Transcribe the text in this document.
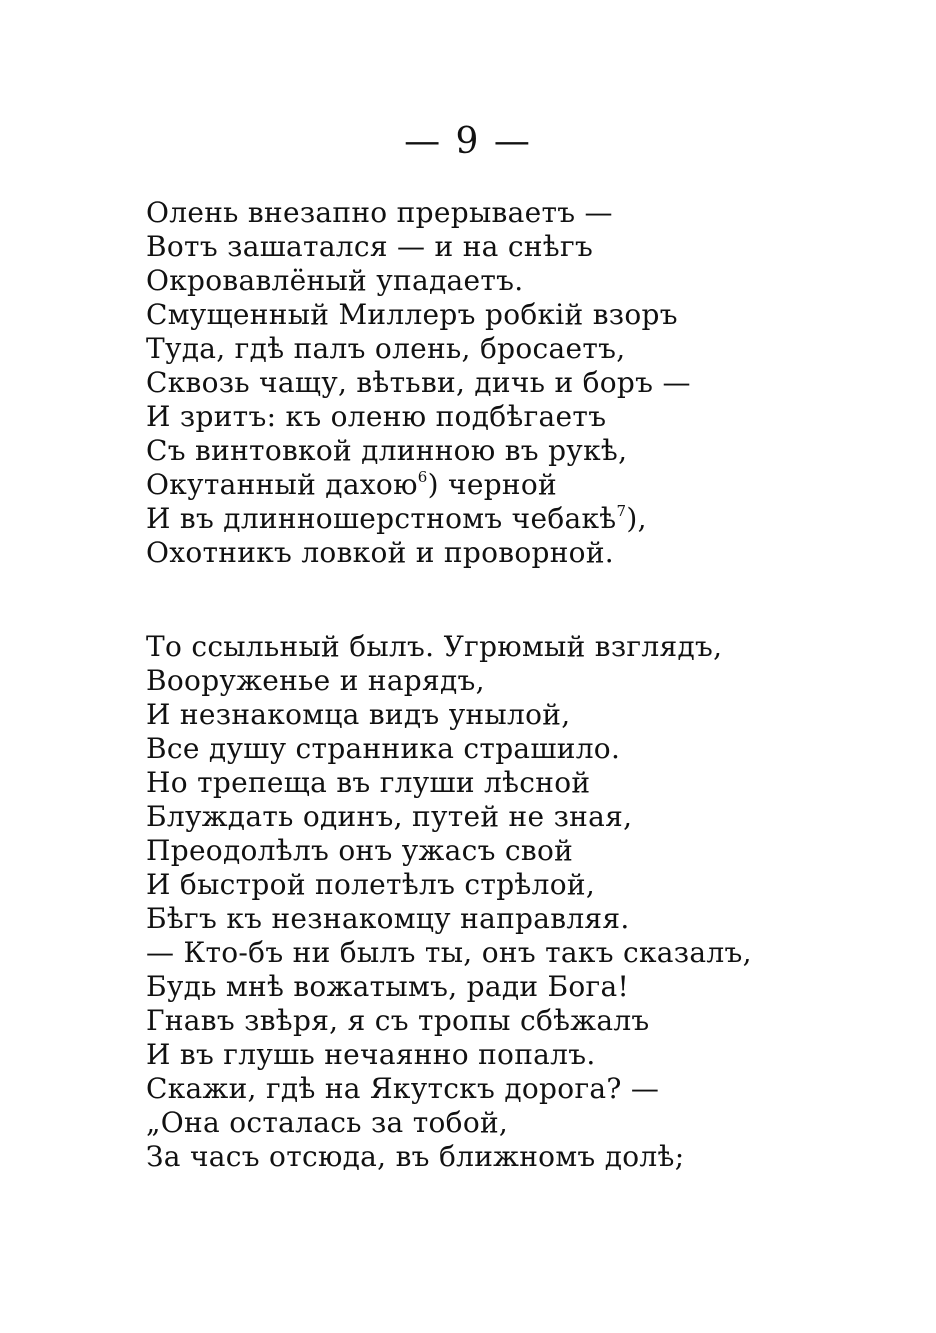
— 9 —
Олень внезапно прерываетъ —
Вотъ зашатался — и на снѣгъ
Окровавлёный упадаетъ.
Смущенный Миллеръ робкій взоръ
Туда, гдѣ палъ олень, бросаетъ,
Сквозь чащу, вѣтьви, дичь и боръ —
И зритъ: къ оленю подбѣгаетъ
Съ винтовкой длинною въ рукѣ,
Окутанный дахою$^6$) черной
И въ длинношерстномъ чебакѣ$^7$),
Охотникъ ловкой и проворной.
То ссыльный былъ. Угрюмый взглядъ,
Вооруженье и нарядъ,
И незнакомца видъ унылой,
Все душу странника страшило.
Но трепеща въ глуши лѣсной
Блуждать одинъ, путей не зная,
Преодолѣлъ онъ ужасъ свой
И быстрой полетѣлъ стрѣлой,
Бѣгъ къ незнакомцу направляя.
— Кто-бъ ни былъ ты, онъ такъ сказалъ,
Будь мнѣ вожатымъ, ради Бога!
Гнавъ звѣря, я съ тропы сбѣжалъ
И въ глушь нечаянно попалъ.
Скажи, гдѣ на Якутскъ дорога? —
„Она осталась за тобой,
За часъ отсюда, въ ближномъ долѣ;
